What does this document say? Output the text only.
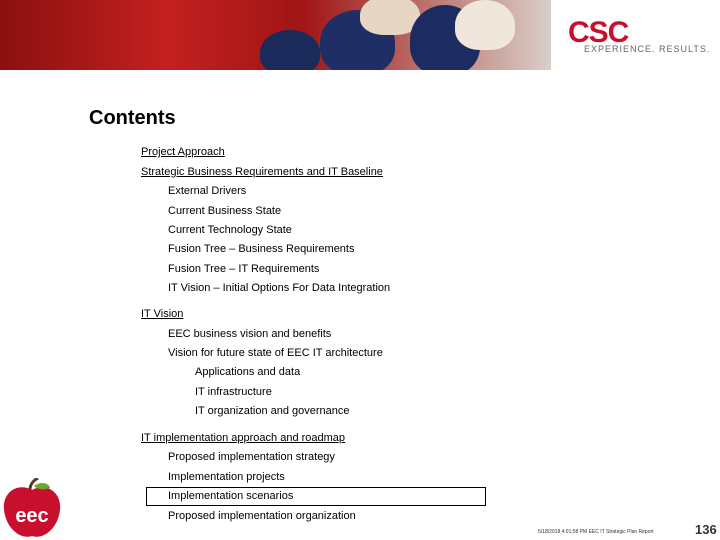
CSC
EXPERIENCE. RESULTS.
Contents
Project Approach
Strategic Business Requirements and IT Baseline
External Drivers
Current Business State
Current Technology State
Fusion Tree – Business Requirements
Fusion Tree – IT Requirements
IT Vision – Initial Options For Data Integration
IT Vision
EEC business vision and benefits
Vision for future state of EEC IT architecture
Applications and data
IT infrastructure
IT organization and governance
IT implementation approach and roadmap
Proposed implementation strategy
Implementation projects
Implementation scenarios
Proposed implementation organization
eec
5/18/2018 4:01:58 PM EEC IT Strategic Plan Report	136
